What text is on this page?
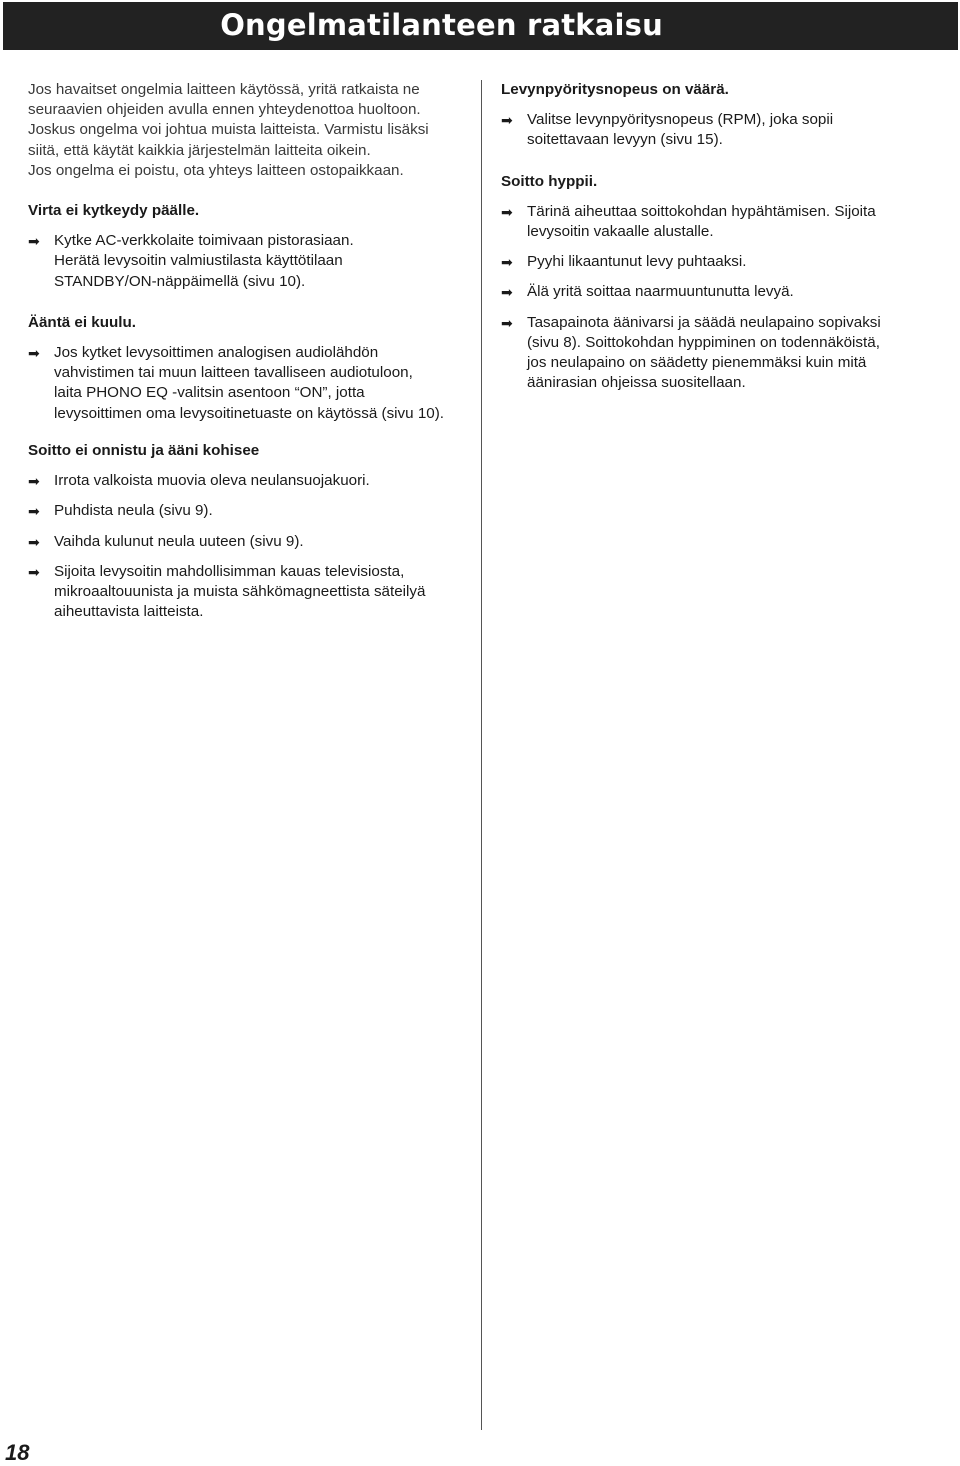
Ongelmatilanteen ratkaisu

Jos havaitset ongelmia laitteen käytössä, yritä ratkaista ne

seuraavien ohjeiden avulla ennen yhteydenottoa huoltoon.

Joskus ongelma voi johtua muista laitteista. Varmistu lisäksi

siitä, että käytät kaikkia järjestelmän laitteita oikein.

Jos ongelma ei poistu, ota yhteys laitteen ostopaikkaan.

Virta ei kytkeydy päälle.

➡ Kytke AC-verkkolaite toimivaan pistorasiaan.

Herätä levysoitin valmiustilasta käyttötilaan

STANDBY/ON-näppäimellä (sivu 10).

Ääntä ei kuulu.

➡ Jos kytket levysoittimen analogisen audiolähdön

vahvistimen tai muun laitteen tavalliseen audiotuloon,

laita PHONO EQ -valitsin asentoon “ON”, jotta

levysoittimen oma levysoitinetuaste on käytössä (sivu 10).

Soitto ei onnistu ja ääni kohisee

➡ Irrota valkoista muovia oleva neulansuojakuori.

➡ Puhdista neula (sivu 9).

➡ Vaihda kulunut neula uuteen (sivu 9).

➡ Sijoita levysoitin mahdollisimman kauas televisiosta,

mikroaaltouunista ja muista sähkömagneettista säteilyä

aiheuttavista laitteista.

Levynpyöritysnopeus on väärä.

➡ Valitse levynpyöritysnopeus (RPM), joka sopii

soitettavaan levyyn (sivu 15).

Soitto hyppii.

➡ Tärinä aiheuttaa soittokohdan hypähtämisen. Sijoita

levysoitin vakaalle alustalle.

➡ Pyyhi likaantunut levy puhtaaksi.

➡ Älä yritä soittaa naarmuuntunutta levyä.

➡ Tasapainota äänivarsi ja säädä neulapaino sopivaksi

(sivu 8). Soittokohdan hyppiminen on todennäköistä,

jos neulapaino on säädetty pienemmäksi kuin mitä

äänirasian ohjeissa suositellaan.

18
